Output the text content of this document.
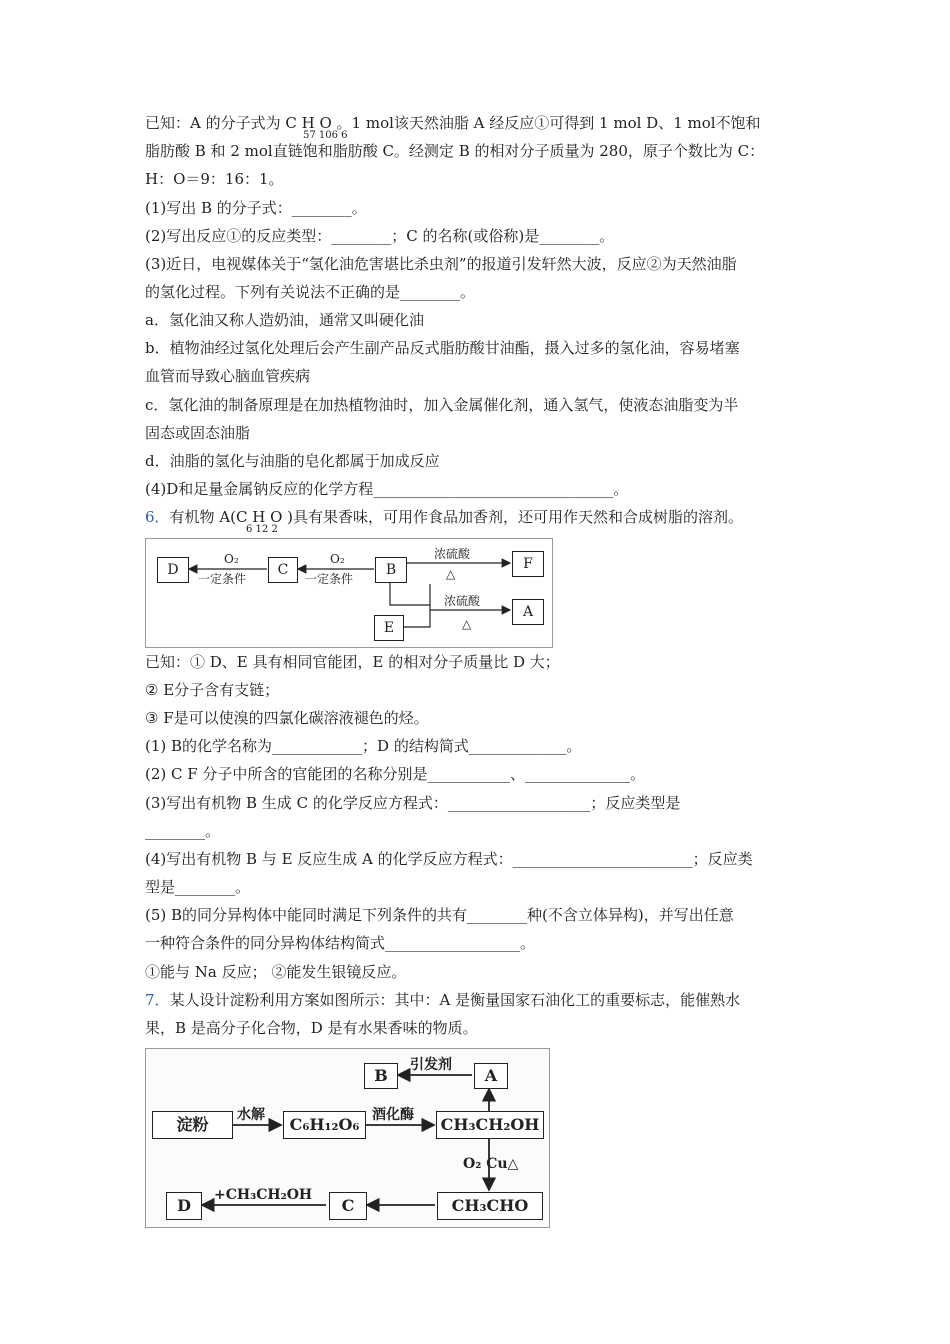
已知：A 的分子式为 C H O 。1 mol该天然油脂 A 经反应①可得到 1 mol D、1 mol不饱和
57 106 6
脂肪酸 B 和 2 mol直链饱和脂肪酸 C。经测定 B 的相对分子质量为 280，原子个数比为 C：
H：O＝9：16：1。
(1)写出 B 的分子式：________。
(2)写出反应①的反应类型：________；C 的名称(或俗称)是________。
(3)近日，电视媒体关于“氢化油危害堪比杀虫剂”的报道引发轩然大波，反应②为天然油脂
的氢化过程。下列有关说法不正确的是________。
a．氢化油又称人造奶油，通常又叫硬化油
b．植物油经过氢化处理后会产生副产品反式脂肪酸甘油酯，摄入过多的氢化油，容易堵塞
血管而导致心脑血管疾病
c．氢化油的制备原理是在加热植物油时，加入金属催化剂，通入氢气，使液态油脂变为半
固态或固态油脂
d．油脂的氢化与油脂的皂化都属于加成反应
(4)D和足量金属钠反应的化学方程________________________________。
6．有机物 A(C H O )具有果香味，可用作食品加香剂，还可用作天然和合成树脂的溶剂。
6 12 2
D	C	B	F
E
A
O₂
一定条件
O₂
一定条件
浓硫酸
△
浓硫酸
△
已知：① D、E 具有相同官能团，E 的相对分子质量比 D 大；
② E分子含有支链；
③ F是可以使溴的四氯化碳溶液褪色的烃。
(1) B的化学名称为____________；D 的结构简式_____________。
(2) C F 分子中所含的官能团的名称分别是___________、______________。
(3)写出有机物 B 生成 C 的化学反应方程式：___________________；反应类型是
________。
(4)写出有机物 B 与 E 反应生成 A 的化学反应方程式：________________________；反应类
型是________。
(5) B的同分异构体中能同时满足下列条件的共有________种(不含立体异构)，并写出任意
一种符合条件的同分异构体结构简式__________________。
①能与 Na 反应； ②能发生银镜反应。
7．某人设计淀粉利用方案如图所示：其中：A 是衡量国家石油化工的重要标志，能催熟水
果，B 是高分子化合物，D 是有水果香味的物质。
B	A
淀粉	C₆H₁₂O₆	CH₃CH₂OH
CH₃CHO
C
D
引发剂
水解	酒化酶
O₂ Cu△
+CH₃CH₂OH
